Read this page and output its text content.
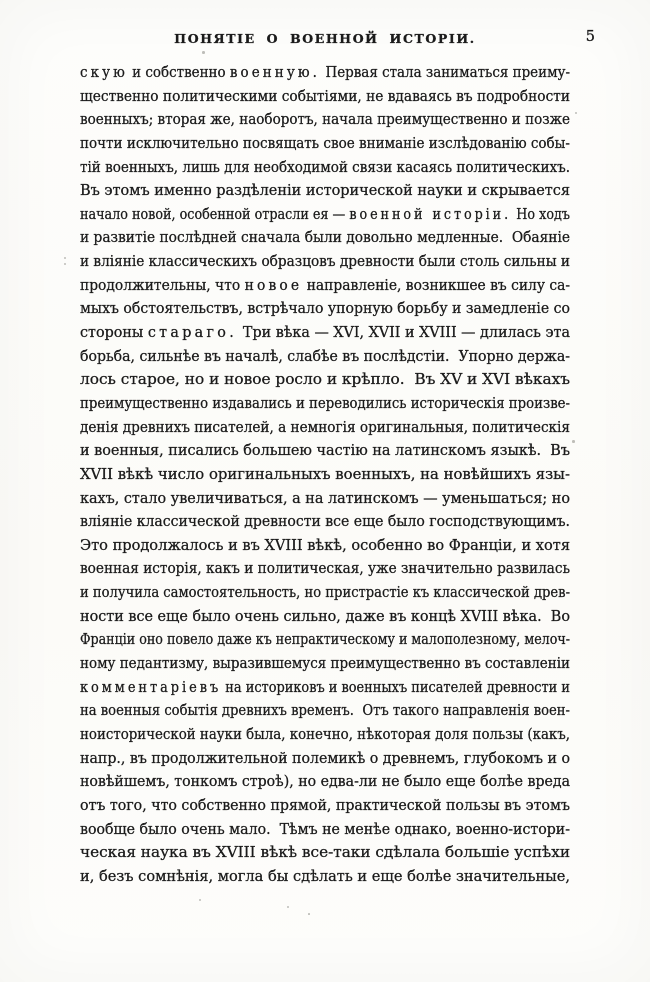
ПОНЯТІЕ О ВОЕННОЙ ИСТОРІИ.	5
скую и собственно военную.  Первая стала заниматься преиму-
щественно политическими событіями, не вдаваясь въ подробности
военныхъ; вторая же, наоборотъ, начала преимущественно и позже
почти исключительно посвящать свое вниманіе изслѣдованію собы-
тій военныхъ, лишь для необходимой связи касаясь политическихъ.
Въ этомъ именно раздѣленіи исторической науки и скрывается
начало новой, особенной отрасли ея — военной исторіи.  Но ходъ
и развитіе послѣдней сначала были довольно медленные.  Обаяніе
и вліяніе классическихъ образцовъ древности были столь сильны и
продолжительны, что новое направленіе, возникшее въ силу са-
мыхъ обстоятельствъ, встрѣчало упорную борьбу и замедленіе со
стороны стараго.  Три вѣка — XVI, XVII и XVIII — длилась эта
борьба, сильнѣе въ началѣ, слабѣе въ послѣдстіи.  Упорно держа-
лось старое, но и новое росло и крѣпло.  Въ XV и XVI вѣкахъ
преимущественно издавались и переводились историческія произве-
денія древнихъ писателей, а немногія оригинальныя, политическія
и военныя, писались большею частію на латинскомъ языкѣ.  Въ
XVII вѣкѣ число оригинальныхъ военныхъ, на новѣйшихъ язы-
кахъ, стало увеличиваться, а на латинскомъ — уменьшаться; но
вліяніе классической древности все еще было господствующимъ.
Это продолжалось и въ XVIII вѣкѣ, особенно во Франціи, и хотя
военная исторія, какъ и политическая, уже значительно развилась
и получила самостоятельность, но пристрастіе къ классической древ-
ности все еще было очень сильно, даже въ концѣ XVIII вѣка.  Во
Франціи оно повело даже къ непрактическому и малополезному, мелоч-
ному педантизму, выразившемуся преимущественно въ составленіи
комментаріевъ на историковъ и военныхъ писателей древности и
на военныя событія древнихъ временъ.  Отъ такого направленія воен-
ноисторической науки была, конечно, нѣкоторая доля пользы (какъ,
напр., въ продолжительной полемикѣ о древнемъ, глубокомъ и о
новѣйшемъ, тонкомъ строѣ), но едва-ли не было еще болѣе вреда
отъ того, что собственно прямой, практической пользы въ этомъ
вообще было очень мало.  Тѣмъ не менѣе однако, военно-истори-
ческая наука въ XVIII вѣкѣ все-таки сдѣлала большіе успѣхи
и, безъ сомнѣнія, могла бы сдѣлать и еще болѣе значительные,
